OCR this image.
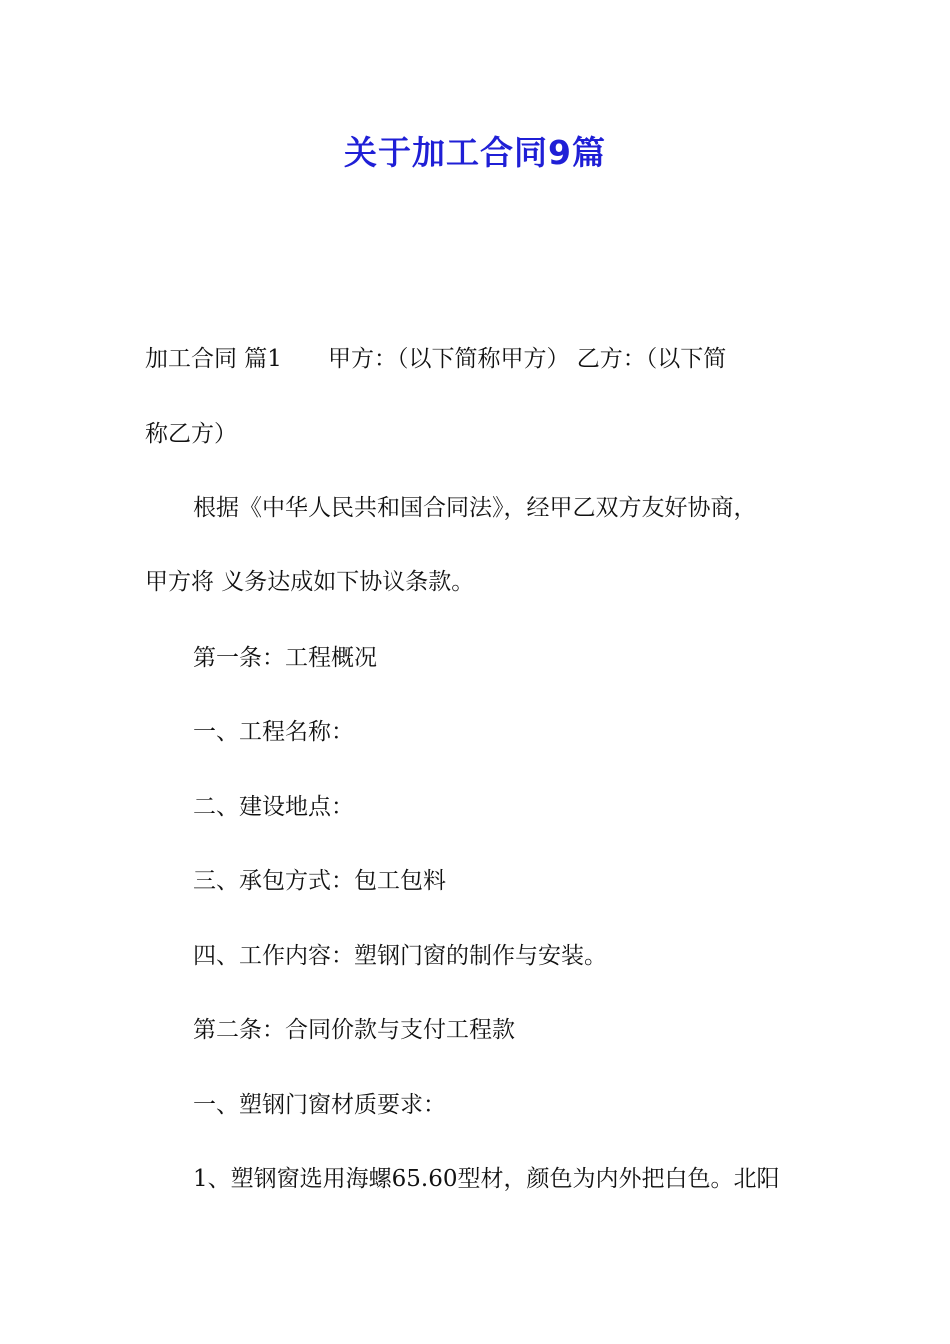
关于加工合同9篇
加工合同 篇1　　甲方：（以下简称甲方） 乙方：（以下简
称乙方）
根据《中华人民共和国合同法》，经甲乙双方友好协商，
甲方将 义务达成如下协议条款。
第一条：工程概况
一、工程名称：
二、建设地点：
三、承包方式：包工包料
四、工作内容：塑钢门窗的制作与安装。
第二条：合同价款与支付工程款
一、塑钢门窗材质要求：
1、塑钢窗选用海螺65.60型材，颜色为内外把白色。北阳
